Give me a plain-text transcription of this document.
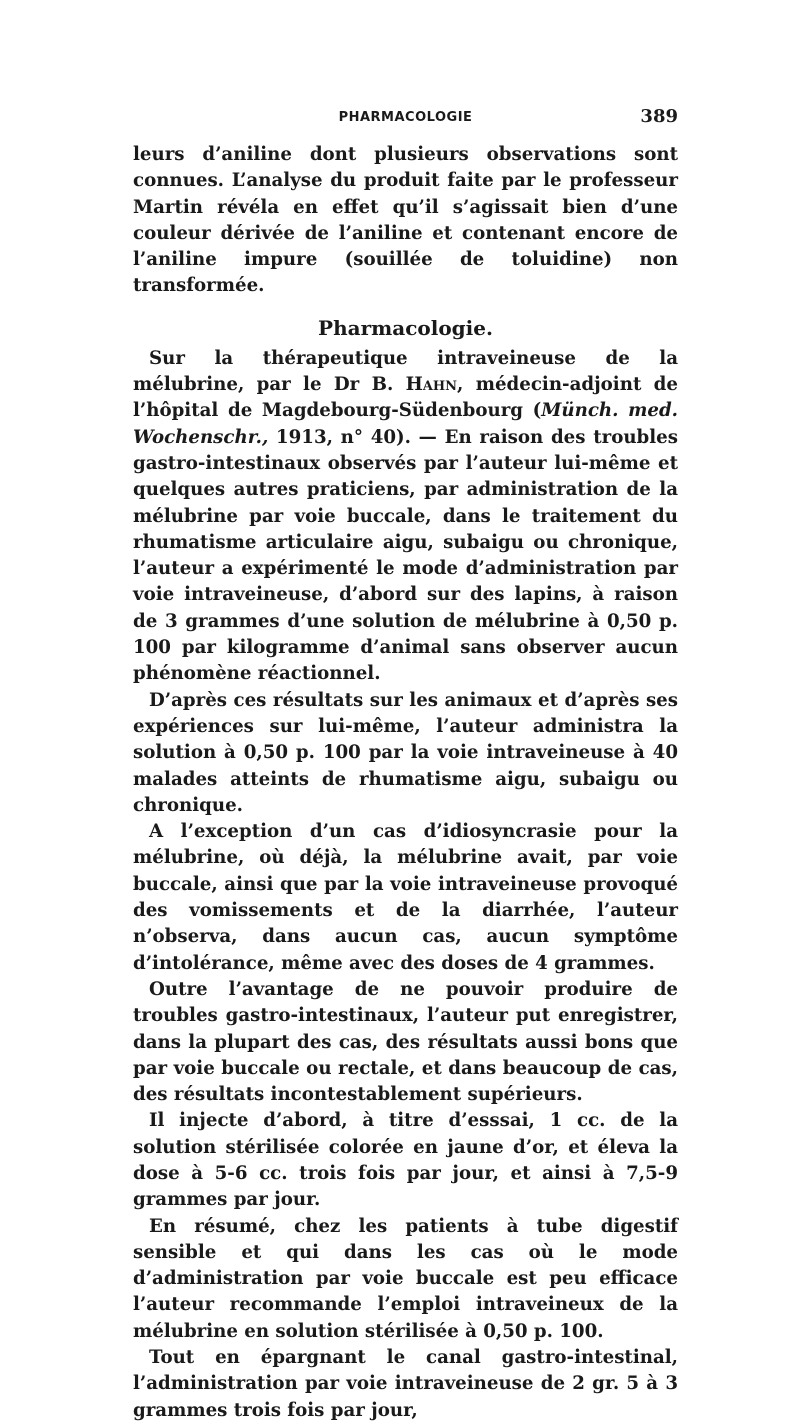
PHARMACOLOGIE	389

leurs d’aniline dont plusieurs observations sont connues. L’analyse du produit faite par le professeur Martin révéla en effet qu’il s’agissait bien d’une couleur dérivée de l’aniline et contenant encore de l’aniline impure (souillée de toluidine) non transformée.

Pharmacologie.

Sur la thérapeutique intraveineuse de la mélubrine, par le Dr B. Hahn, médecin-adjoint de l’hôpital de Magdebourg-Südenbourg (Münch. med. Wochenschr., 1913, n° 40). — En raison des troubles gastro-intestinaux observés par l’auteur lui-même et quelques autres praticiens, par administration de la mélubrine par voie buccale, dans le traitement du rhumatisme articulaire aigu, subaigu ou chronique, l’auteur a expérimenté le mode d’administration par voie intraveineuse, d’abord sur des lapins, à raison de 3 grammes d’une solution de mélubrine à 0,50 p. 100 par kilogramme d’animal sans observer aucun phénomène réactionnel.

D’après ces résultats sur les animaux et d’après ses expériences sur lui-même, l’auteur administra la solution à 0,50 p. 100 par la voie intraveineuse à 40 malades atteints de rhumatisme aigu, subaigu ou chronique.

A l’exception d’un cas d’idiosyncrasie pour la mélubrine, où déjà, la mélubrine avait, par voie buccale, ainsi que par la voie intraveineuse provoqué des vomissements et de la diarrhée, l’auteur n’observa, dans aucun cas, aucun symptôme d’intolérance, même avec des doses de 4 grammes.

Outre l’avantage de ne pouvoir produire de troubles gastro-intestinaux, l’auteur put enregistrer, dans la plupart des cas, des résultats aussi bons que par voie buccale ou rectale, et dans beaucoup de cas, des résultats incontestablement supérieurs.

Il injecte d’abord, à titre d’esssai, 1 cc. de la solution stérilisée colorée en jaune d’or, et éleva la dose à 5-6 cc. trois fois par jour, et ainsi à 7,5-9 grammes par jour.

En résumé, chez les patients à tube digestif sensible et qui dans les cas où le mode d’administration par voie buccale est peu efficace l’auteur recommande l’emploi intraveineux de la mélubrine en solution stérilisée à 0,50 p. 100.

Tout en épargnant le canal gastro-intestinal, l’administration par voie intraveineuse de 2 gr. 5 à 3 grammes trois fois par jour,
